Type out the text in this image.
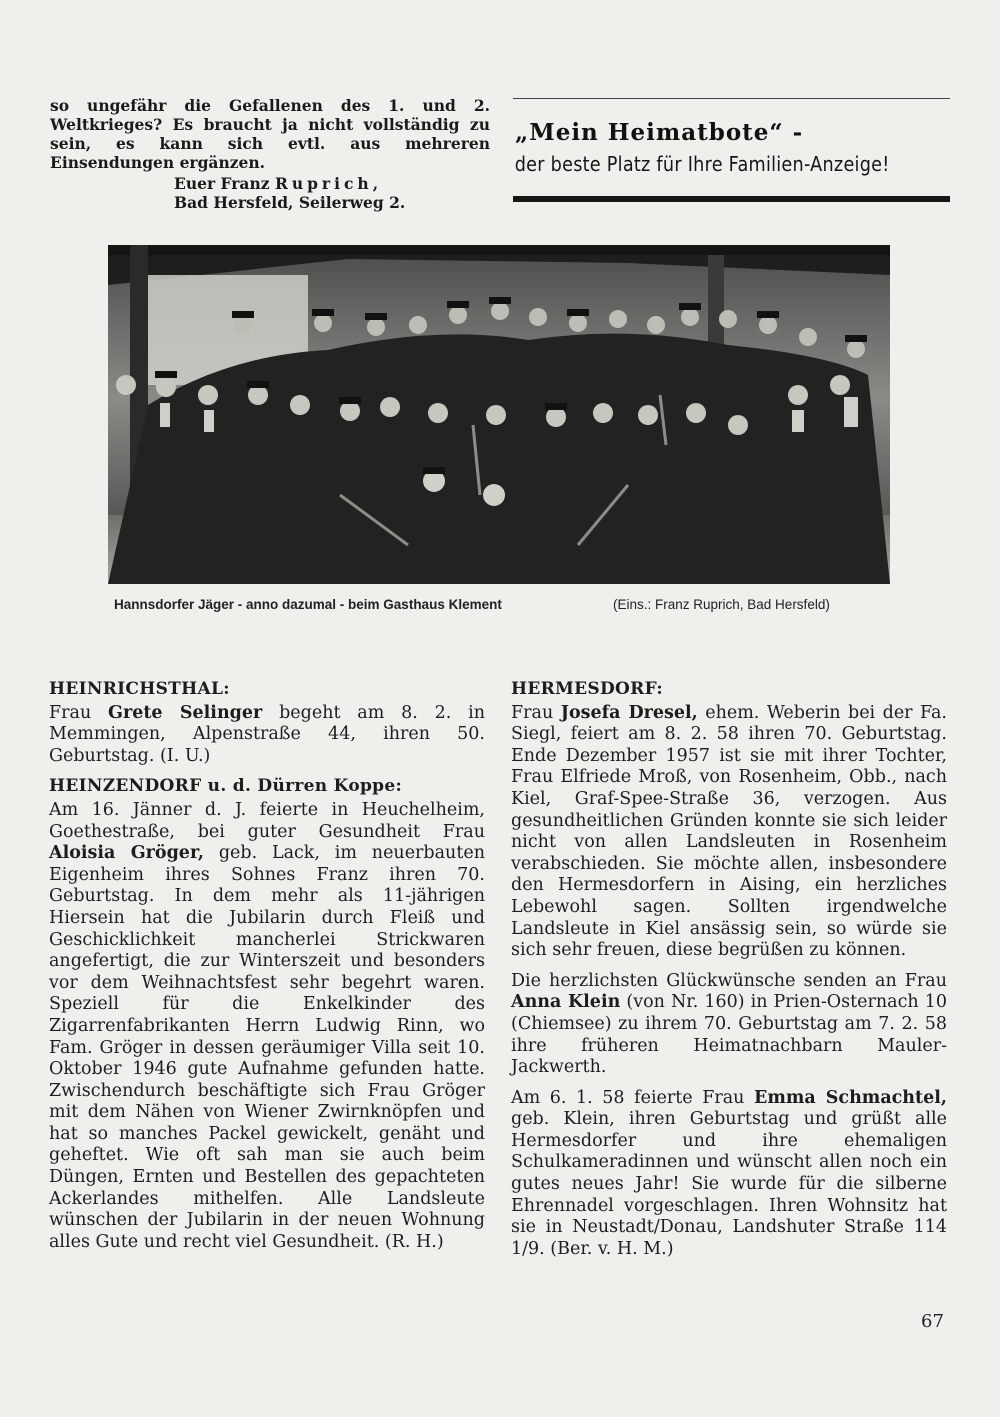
so ungefähr die Gefallenen des 1. und 2. Weltkrieges? Es braucht ja nicht vollständig zu sein, es kann sich evtl. aus mehreren Einsendungen ergänzen.

Euer Franz Ruprich,
Bad Hersfeld, Seilerweg 2.
„Mein Heimatbote“ -
der beste Platz für Ihre Familien-Anzeige!
Hannsdorfer Jäger - anno dazumal - beim Gasthaus Klement	(Eins.: Franz Ruprich, Bad Hersfeld)
HEINRICHSTHAL:

Frau Grete Selinger begeht am 8. 2. in Memmingen, Alpenstraße 44, ihren 50. Geburtstag. (I. U.)

HEINZENDORF u. d. Dürren Koppe:

Am 16. Jänner d. J. feierte in Heuchelheim, Goethestraße, bei guter Gesundheit Frau Aloisia Gröger, geb. Lack, im neuerbauten Eigenheim ihres Sohnes Franz ihren 70. Geburtstag. In dem mehr als 11-jährigen Hiersein hat die Jubilarin durch Fleiß und Geschicklichkeit mancherlei Strickwaren angefertigt, die zur Winterszeit und besonders vor dem Weihnachtsfest sehr begehrt waren. Speziell für die Enkelkinder des Zigarrenfabrikanten Herrn Ludwig Rinn, wo Fam. Gröger in dessen geräumiger Villa seit 10. Oktober 1946 gute Aufnahme gefunden hatte. Zwischendurch beschäftigte sich Frau Gröger mit dem Nähen von Wiener Zwirnknöpfen und hat so manches Packel gewickelt, genäht und geheftet. Wie oft sah man sie auch beim Düngen, Ernten und Bestellen des gepachteten Ackerlandes mithelfen. Alle Landsleute wünschen der Jubilarin in der neuen Wohnung alles Gute und recht viel Gesundheit. (R. H.)

HERMESDORF:

Frau Josefa Dresel, ehem. Weberin bei der Fa. Siegl, feiert am 8. 2. 58 ihren 70. Geburtstag. Ende Dezember 1957 ist sie mit ihrer Tochter, Frau Elfriede Mroß, von Rosenheim, Obb., nach Kiel, Graf-Spee-Straße 36, verzogen. Aus gesundheitlichen Gründen konnte sie sich leider nicht von allen Landsleuten in Rosenheim verabschieden. Sie möchte allen, insbesondere den Hermesdorfern in Aising, ein herzliches Lebewohl sagen. Sollten irgendwelche Landsleute in Kiel ansässig sein, so würde sie sich sehr freuen, diese begrüßen zu können.

Die herzlichsten Glückwünsche senden an Frau Anna Klein (von Nr. 160) in Prien-Osternach 10 (Chiemsee) zu ihrem 70. Geburtstag am 7. 2. 58 ihre früheren Heimatnachbarn Mauler-Jackwerth.

Am 6. 1. 58 feierte Frau Emma Schmachtel, geb. Klein, ihren Geburtstag und grüßt alle Hermesdorfer und ihre ehemaligen Schulkameradinnen und wünscht allen noch ein gutes neues Jahr! Sie wurde für die silberne Ehrennadel vorgeschlagen. Ihren Wohnsitz hat sie in Neustadt/Donau, Landshuter Straße 114 1/9. (Ber. v. H. M.)

67
